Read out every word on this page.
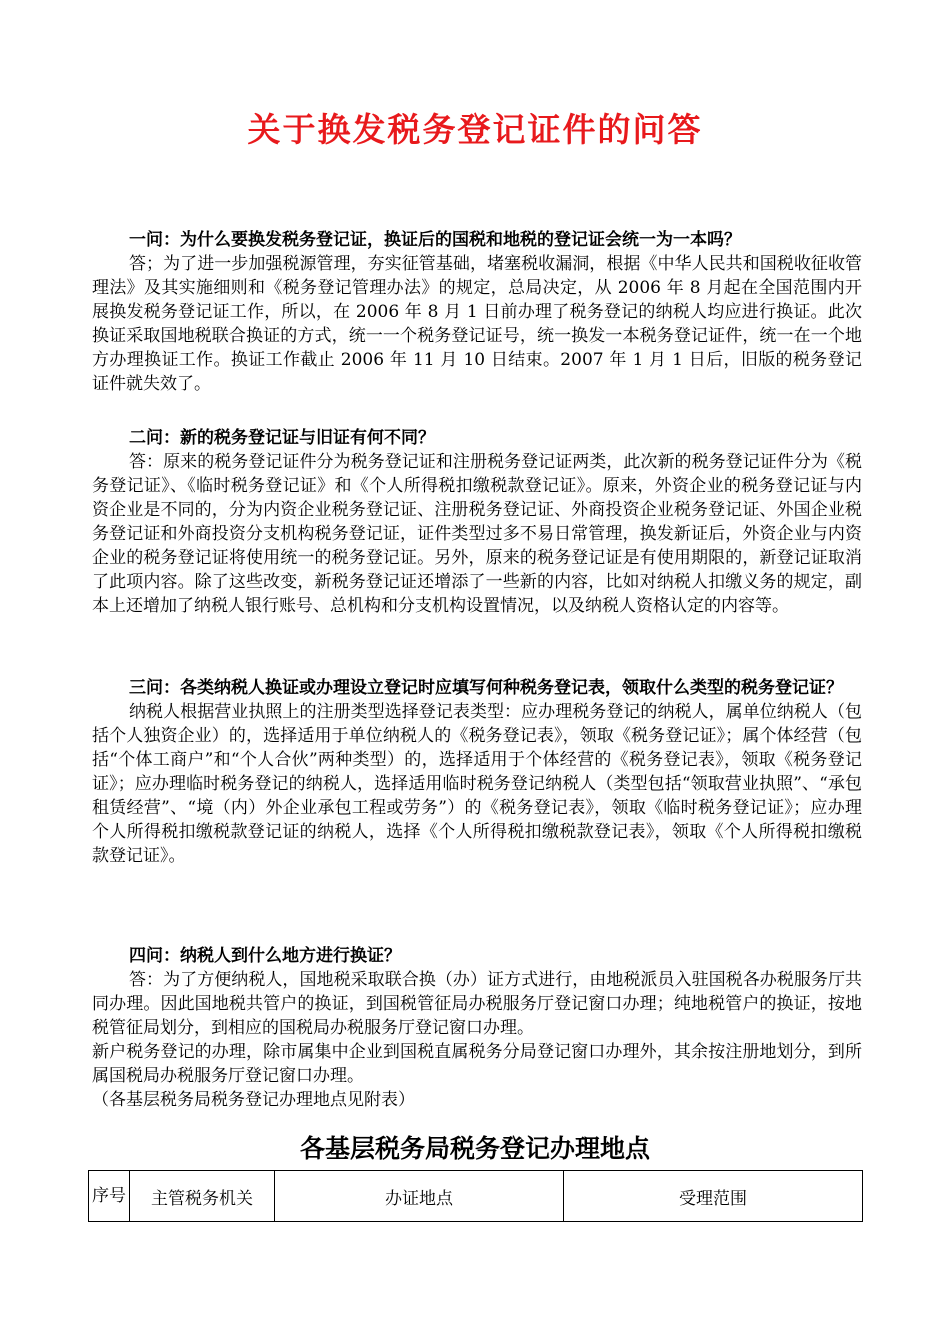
关于换发税务登记证件的问答
一问：为什么要换发税务登记证，换证后的国税和地税的登记证会统一为一本吗？
答；为了进一步加强税源管理，夯实征管基础，堵塞税收漏洞，根据《中华人民共和国税收征收管理法》及其实施细则和《税务登记管理办法》的规定，总局决定，从 2006 年 8 月起在全国范围内开展换发税务登记证工作，所以，在 2006 年 8 月 1 日前办理了税务登记的纳税人均应进行换证。此次换证采取国地税联合换证的方式，统一一个税务登记证号，统一换发一本税务登记证件，统一在一个地方办理换证工作。换证工作截止 2006 年 11 月 10 日结束。2007 年 1 月 1 日后，旧版的税务登记证件就失效了。
二问：新的税务登记证与旧证有何不同？
答：原来的税务登记证件分为税务登记证和注册税务登记证两类，此次新的税务登记证件分为《税务登记证》、《临时税务登记证》和《个人所得税扣缴税款登记证》。原来，外资企业的税务登记证与内资企业是不同的，分为内资企业税务登记证、注册税务登记证、外商投资企业税务登记证、外国企业税务登记证和外商投资分支机构税务登记证，证件类型过多不易日常管理，换发新证后，外资企业与内资企业的税务登记证将使用统一的税务登记证。另外，原来的税务登记证是有使用期限的，新登记证取消了此项内容。除了这些改变，新税务登记证还增添了一些新的内容，比如对纳税人扣缴义务的规定，副本上还增加了纳税人银行账号、总机构和分支机构设置情况，以及纳税人资格认定的内容等。
三问：各类纳税人换证或办理设立登记时应填写何种税务登记表，领取什么类型的税务登记证？
纳税人根据营业执照上的注册类型选择登记表类型：应办理税务登记的纳税人，属单位纳税人（包括个人独资企业）的，选择适用于单位纳税人的《税务登记表》，领取《税务登记证》；属个体经营（包括“个体工商户”和“个人合伙”两种类型）的，选择适用于个体经营的《税务登记表》，领取《税务登记证》；应办理临时税务登记的纳税人，选择适用临时税务登记纳税人（类型包括“领取营业执照”、“承包租赁经营”、“境（内）外企业承包工程或劳务”）的《税务登记表》，领取《临时税务登记证》；应办理个人所得税扣缴税款登记证的纳税人，选择《个人所得税扣缴税款登记表》，领取《个人所得税扣缴税款登记证》。
四问：纳税人到什么地方进行换证？
答：为了方便纳税人，国地税采取联合换（办）证方式进行，由地税派员入驻国税各办税服务厅共同办理。因此国地税共管户的换证，到国税管征局办税服务厅登记窗口办理；纯地税管户的换证，按地税管征局划分，到相应的国税局办税服务厅登记窗口办理。
新户税务登记的办理，除市属集中企业到国税直属税务分局登记窗口办理外，其余按注册地划分，到所属国税局办税服务厅登记窗口办理。
（各基层税务局税务登记办理地点见附表）
各基层税务局税务登记办理地点
序号	主管税务机关	办证地点	受理范围
